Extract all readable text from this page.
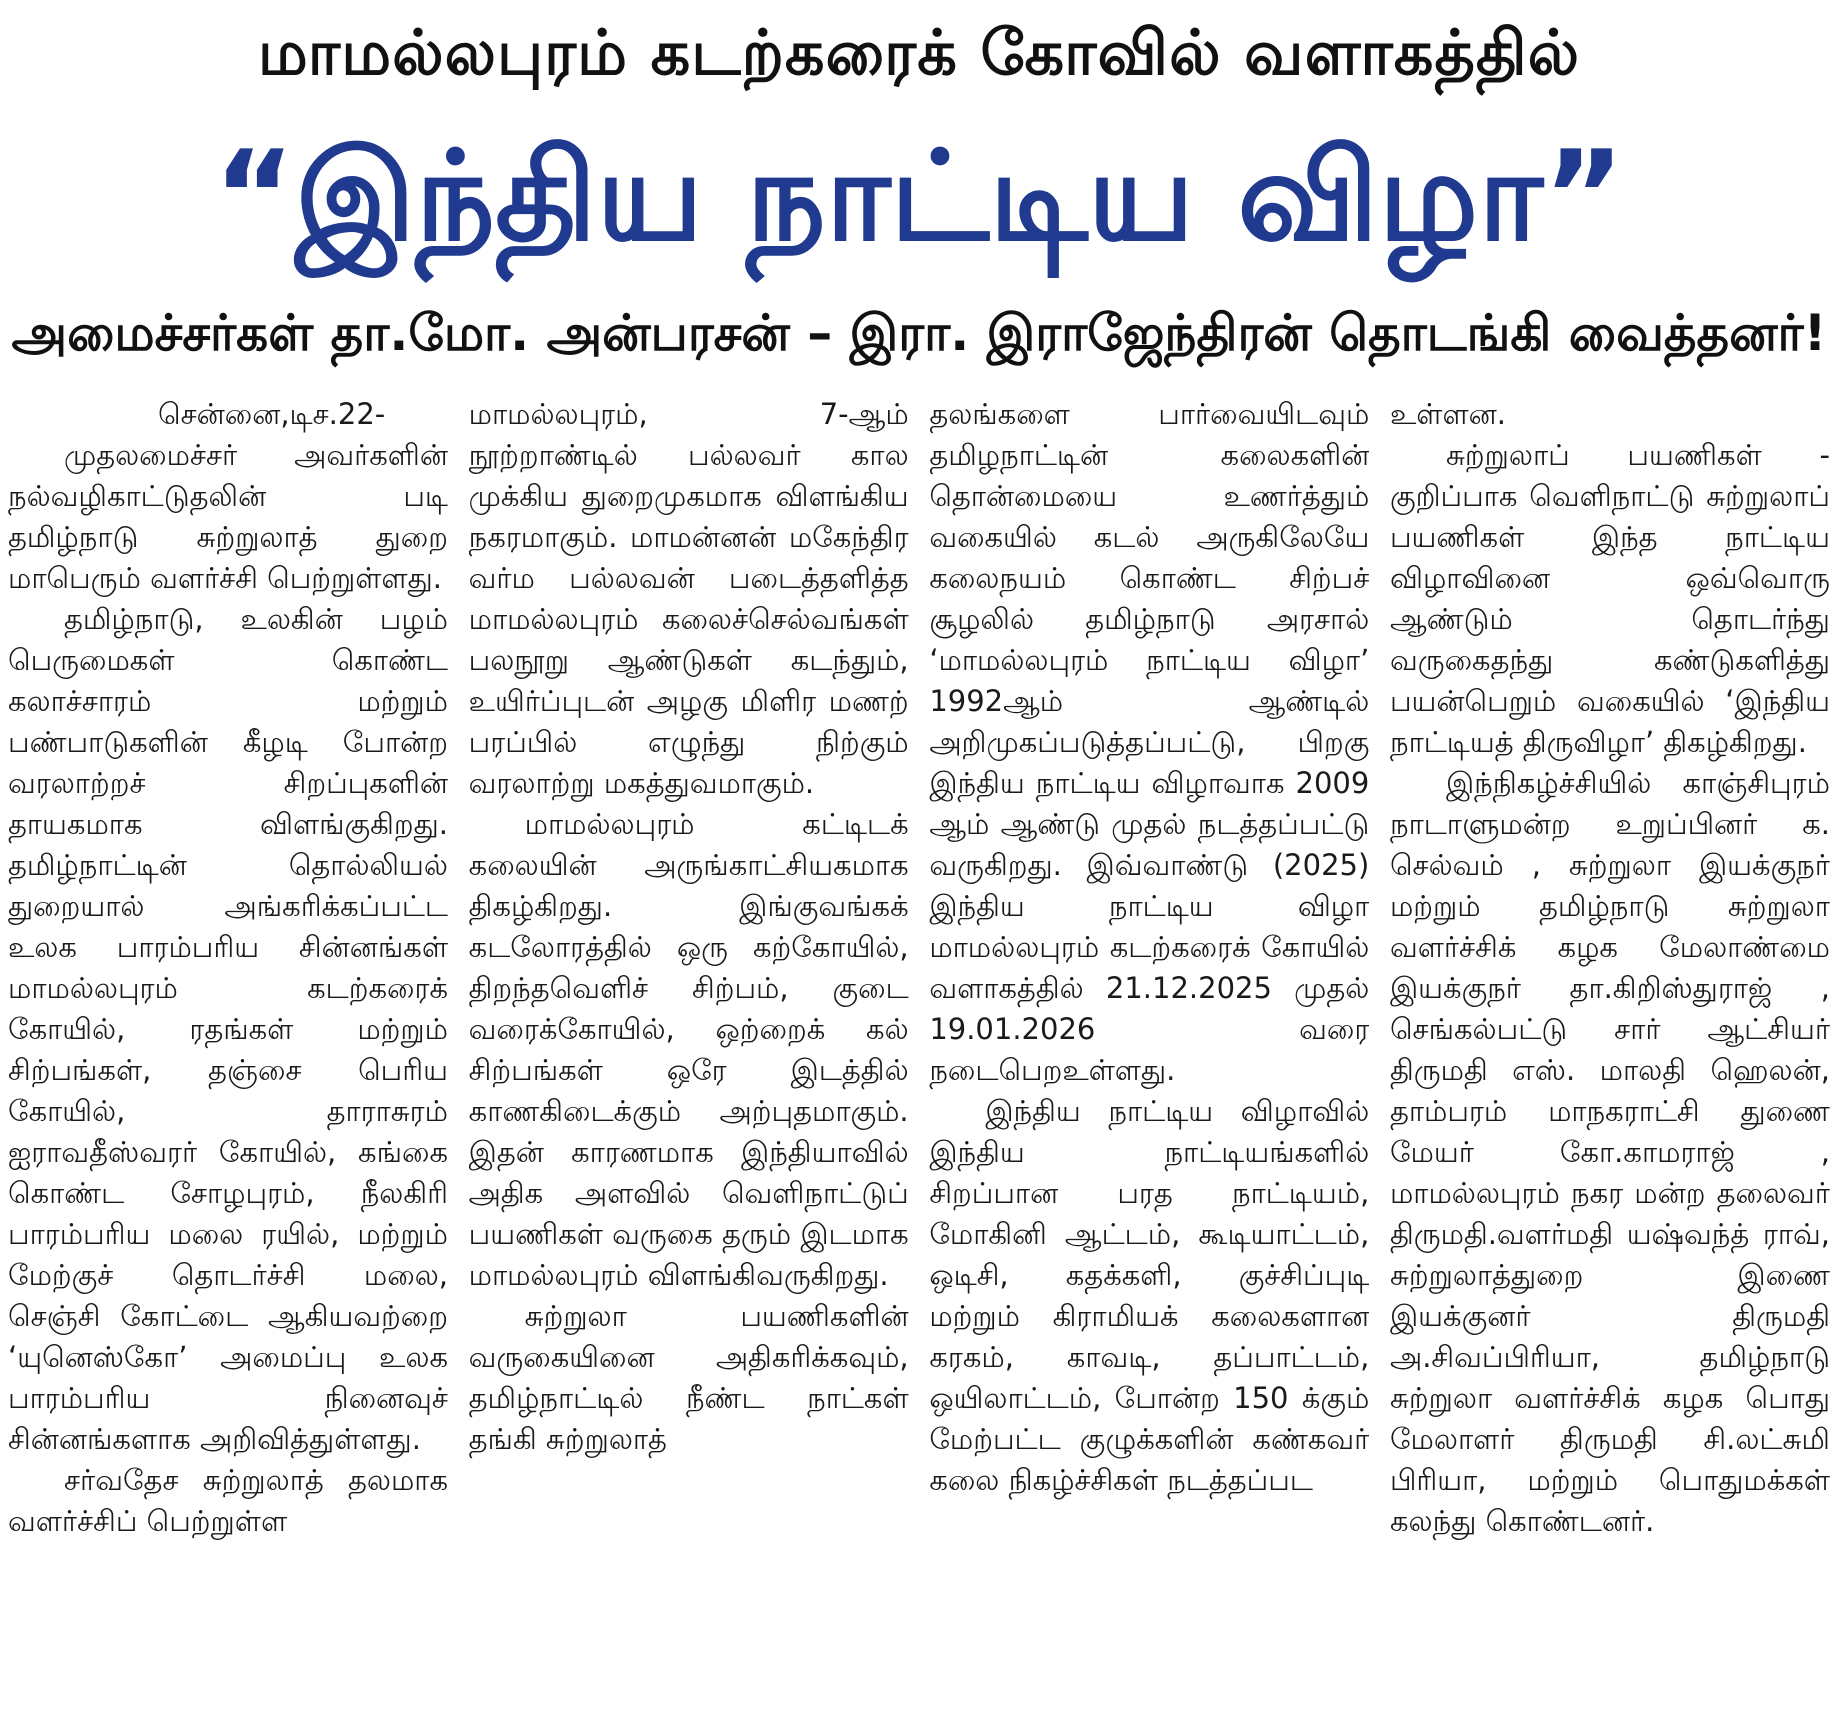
மாமல்லபுரம் கடற்கரைக் கோவில் வளாகத்தில்
“இந்திய நாட்டிய விழா”
அமைச்சர்கள் தா.மோ. அன்பரசன் – இரா. இராஜேந்திரன் தொடங்கி வைத்தனர்!

சென்னை,டிச.22-

முதலமைச்சர் அவர்களின் நல்வழிகாட்டுதலின் படி தமிழ்நாடு சுற்றுலாத் துறை மாபெரும் வளர்ச்சி பெற்றுள்ளது.

தமிழ்நாடு, உலகின் பழம் பெருமைகள் கொண்ட கலாச்சாரம் மற்றும் பண்பாடுகளின் கீழடி போன்ற வரலாற்றச் சிறப்புகளின் தாயகமாக விளங்குகிறது. தமிழ்நாட்டின் தொல்லியல் துறையால் அங்கரிக்கப்பட்ட உலக பாரம்பரிய சின்னங்கள் மாமல்லபுரம் கடற்கரைக் கோயில், ரதங்கள் மற்றும் சிற்பங்கள், தஞ்சை பெரிய கோயில், தாராசுரம் ஐராவதீஸ்வரர் கோயில், கங்கை கொண்ட சோழபுரம், நீலகிரி பாரம்பரிய மலை ரயில், மற்றும் மேற்குச் தொடர்ச்சி மலை, செஞ்சி கோட்டை ஆகியவற்றை ‘யுனெஸ்கோ’ அமைப்பு உலக பாரம்பரிய நினைவுச் சின்னங்களாக அறிவித்துள்ளது.

சர்வதேச சுற்றுலாத் தலமாக வளர்ச்சிப் பெற்றுள்ள

மாமல்லபுரம், 7-ஆம் நூற்றாண்டில் பல்லவர் கால முக்கிய துறைமுகமாக விளங்கிய நகரமாகும். மாமன்னன் மகேந்திர வர்ம பல்லவன் படைத்தளித்த மாமல்லபுரம் கலைச்செல்வங்கள் பலநூறு ஆண்டுகள் கடந்தும், உயிர்ப்புடன் அழகு மிளிர மணற் பரப்பில் எழுந்து நிற்கும் வரலாற்று மகத்துவமாகும்.

மாமல்லபுரம் கட்டிடக் கலையின் அருங்காட்சியகமாக திகழ்கிறது. இங்குவங்கக் கடலோரத்தில் ஒரு கற்கோயில், திறந்தவெளிச் சிற்பம், குடை வரைக்கோயில், ஒற்றைக் கல் சிற்பங்கள் ஒரே இடத்தில் காணகிடைக்கும் அற்புதமாகும். இதன் காரணமாக இந்தியாவில் அதிக அளவில் வெளிநாட்டுப் பயணிகள் வருகை தரும் இடமாக மாமல்லபுரம் விளங்கிவருகிறது.

சுற்றுலா பயணிகளின் வருகையினை அதிகரிக்கவும், தமிழ்நாட்டில் நீண்ட நாட்கள் தங்கி சுற்றுலாத்

தலங்களை பார்வையிடவும் தமிழநாட்டின் கலைகளின் தொன்மையை உணர்த்தும் வகையில் கடல் அருகிலேயே கலைநயம் கொண்ட சிற்பச் சூழலில் தமிழ்நாடு அரசால் ‘மாமல்லபுரம் நாட்டிய விழா’ 1992ஆம் ஆண்டில் அறிமுகப்படுத்தப்பட்டு, பிறகு இந்திய நாட்டிய விழாவாக 2009 ஆம் ஆண்டு முதல் நடத்தப்பட்டு வருகிறது. இவ்வாண்டு (2025) இந்திய நாட்டிய விழா மாமல்லபுரம் கடற்கரைக் கோயில் வளாகத்தில் 21.12.2025 முதல் 19.01.2026 வரை நடைபெறஉள்ளது.

இந்திய நாட்டிய விழாவில் இந்திய நாட்டியங்களில் சிறப்பான பரத நாட்டியம், மோகினி ஆட்டம், கூடியாட்டம், ஒடிசி, கதக்களி, குச்சிப்புடி மற்றும் கிராமியக் கலைகளான கரகம், காவடி, தப்பாட்டம், ஒயிலாட்டம், போன்ற 150 க்கும் மேற்பட்ட குழுக்களின் கண்கவர் கலை நிகழ்ச்சிகள் நடத்தப்பட

உள்ளன.

சுற்றுலாப் பயணிகள் - குறிப்பாக வெளிநாட்டு சுற்றுலாப் பயணிகள் இந்த நாட்டிய விழாவினை ஒவ்வொரு ஆண்டும் தொடர்ந்து வருகைதந்து கண்டுகளித்து பயன்பெறும் வகையில் ‘இந்திய நாட்டியத் திருவிழா’ திகழ்கிறது.

இந்நிகழ்ச்சியில் காஞ்சிபுரம் நாடாளுமன்ற உறுப்பினர் க. செல்வம் , சுற்றுலா இயக்குநர் மற்றும் தமிழ்நாடு சுற்றுலா வளர்ச்சிக் கழக மேலாண்மை இயக்குநர் தா.கிறிஸ்துராஜ் , செங்கல்பட்டு சார் ஆட்சியர் திருமதி எஸ். மாலதி ஹெலன், தாம்பரம் மாநகராட்சி துணை மேயர் கோ.காமராஜ் , மாமல்லபுரம் நகர மன்ற தலைவர் திருமதி.வளர்மதி யஷ்வந்த் ராவ், சுற்றுலாத்துறை இணை இயக்குனர் திருமதி அ.சிவப்பிரியா, தமிழ்நாடு சுற்றுலா வளர்ச்சிக் கழக பொது மேலாளர் திருமதி சி.லட்சுமி பிரியா, மற்றும் பொதுமக்கள் கலந்து கொண்டனர்.
